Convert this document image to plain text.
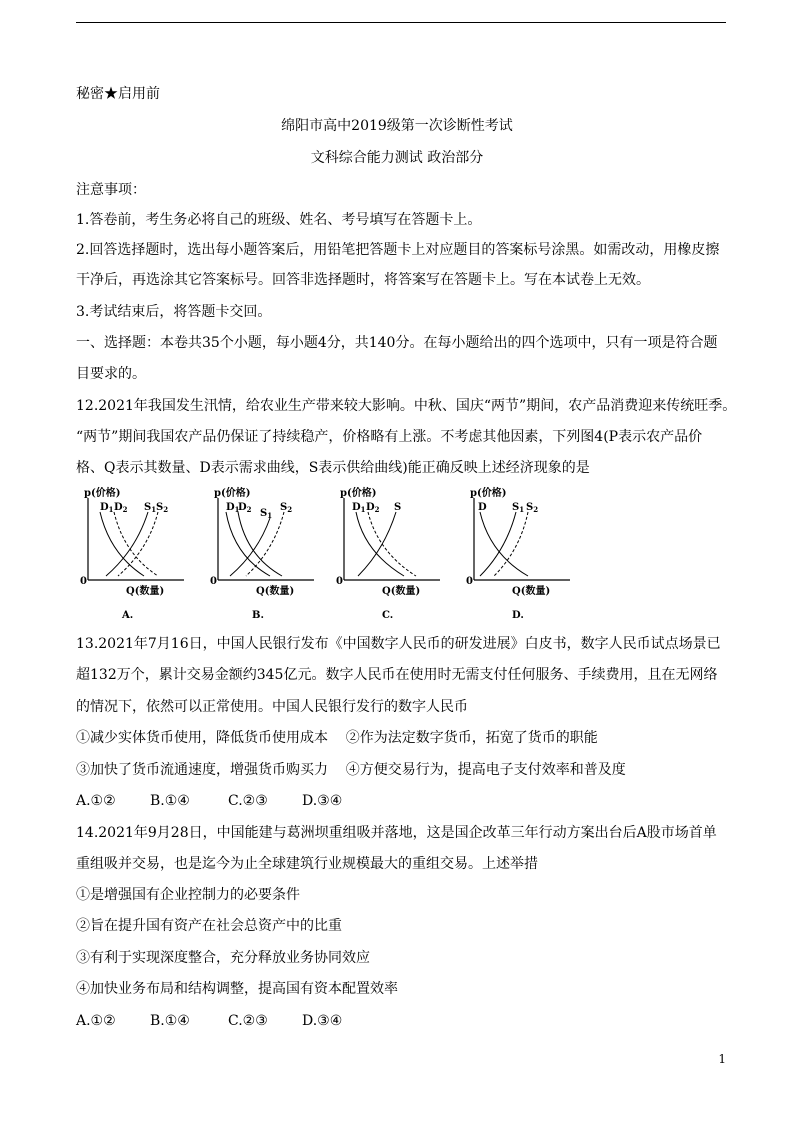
秘密★启用前
绵阳市高中2019级第一次诊断性考试
文科综合能力测试 政治部分
注意事项：
1.答卷前，考生务必将自己的班级、姓名、考号填写在答题卡上。
2.回答选择题时，选出每小题答案后，用铅笔把答题卡上对应题目的答案标号涂黑。如需改动，用橡皮擦
干净后，再选涂其它答案标号。回答非选择题时，将答案写在答题卡上。写在本试卷上无效。
3.考试结束后，将答题卡交回。
一、选择题：本卷共35个小题，每小题4分，共140分。在每小题给出的四个选项中，只有一项是符合题
目要求的。
12.2021年我国发生汛情，给农业生产带来较大影响。中秋、国庆“两节”期间，农产品消费迎来传统旺季。
“两节”期间我国农产品仍保证了持续稳产，价格略有上涨。不考虑其他因素，下列图4(P表示农产品价
格、Q表示其数量、D表示需求曲线，S表示供给曲线)能正确反映上述经济现象的是
p(价格)
0
Q(数量)
$D_1$ $D_2$ $S_1$ $S_2$
A.
p(价格)
0
Q(数量)
$D_1$
$D_2$ $S_1$
$S_2$
B.
p(价格)
0
Q(数量)
$D_1$ $D_2$ S
C.
p(价格)
0
Q(数量)
D	$S_1$ $S_2$
D.
13.2021年7月16日，中国人民银行发布《中国数字人民币的研发进展》白皮书，数字人民币试点场景已
超132万个，累计交易金额约345亿元。数字人民币在使用时无需支付任何服务、手续费用，且在无网络
的情况下，依然可以正常使用。中国人民银行发行的数字人民币
①减少实体货币使用，降低货币使用成本    ②作为法定数字货币，拓宽了货币的职能
③加快了货币流通速度，增强货币购买力    ④方便交易行为，提高电子支付效率和普及度
A.①② B.①④	C.②③ D.③④
14.2021年9月28日，中国能建与葛洲坝重组吸并落地，这是国企改革三年行动方案出台后A股市场首单
重组吸并交易，也是迄今为止全球建筑行业规模最大的重组交易。上述举措
①是增强国有企业控制力的必要条件
②旨在提升国有资产在社会总资产中的比重
③有利于实现深度整合，充分释放业务协同效应
④加快业务布局和结构调整，提高国有资本配置效率
A.①② B.①④	C.②③ D.③④
1
